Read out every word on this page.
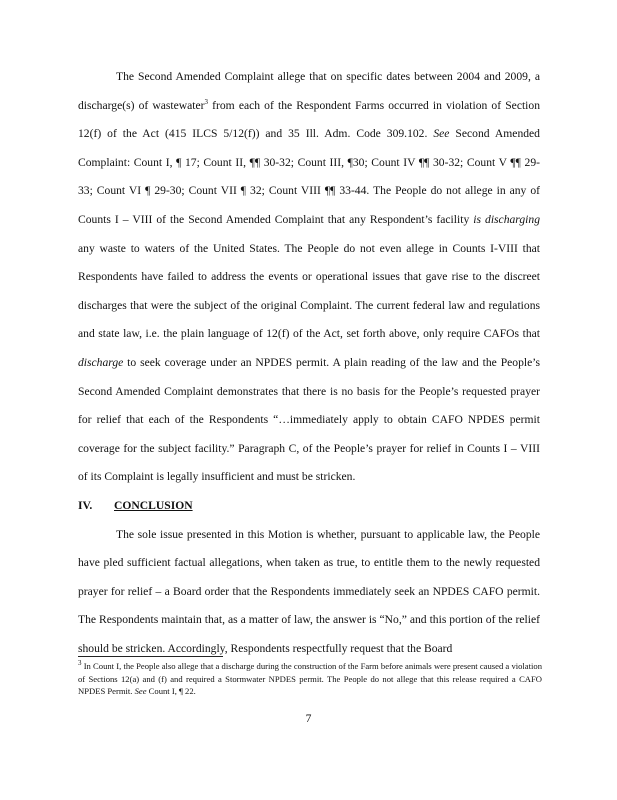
The Second Amended Complaint allege that on specific dates between 2004 and 2009, a discharge(s) of wastewater$^3$ from each of the Respondent Farms occurred in violation of Section 12(f) of the Act (415 ILCS 5/12(f)) and 35 Ill. Adm. Code 309.102. See Second Amended Complaint: Count I, ¶ 17; Count II, ¶¶ 30-32; Count III, ¶30; Count IV ¶¶ 30-32; Count V ¶¶ 29-33; Count VI ¶ 29-30; Count VII ¶ 32; Count VIII ¶¶ 33-44. The People do not allege in any of Counts I – VIII of the Second Amended Complaint that any Respondent’s facility is discharging any waste to waters of the United States. The People do not even allege in Counts I-VIII that Respondents have failed to address the events or operational issues that gave rise to the discreet discharges that were the subject of the original Complaint. The current federal law and regulations and state law, i.e. the plain language of 12(f) of the Act, set forth above, only require CAFOs that discharge to seek coverage under an NPDES permit. A plain reading of the law and the People’s Second Amended Complaint demonstrates that there is no basis for the People’s requested prayer for relief that each of the Respondents “…immediately apply to obtain CAFO NPDES permit coverage for the subject facility.” Paragraph C, of the People’s prayer for relief in Counts I – VIII of its Complaint is legally insufficient and must be stricken.

IV. CONCLUSION

The sole issue presented in this Motion is whether, pursuant to applicable law, the People have pled sufficient factual allegations, when taken as true, to entitle them to the newly requested prayer for relief – a Board order that the Respondents immediately seek an NPDES CAFO permit. The Respondents maintain that, as a matter of law, the answer is “No,” and this portion of the relief should be stricken. Accordingly, Respondents respectfully request that the Board

$^3$ In Count I, the People also allege that a discharge during the construction of the Farm before animals were present caused a violation of Sections 12(a) and (f) and required a Stormwater NPDES permit. The People do not allege that this release required a CAFO NPDES Permit. See Count I, ¶ 22.

7
